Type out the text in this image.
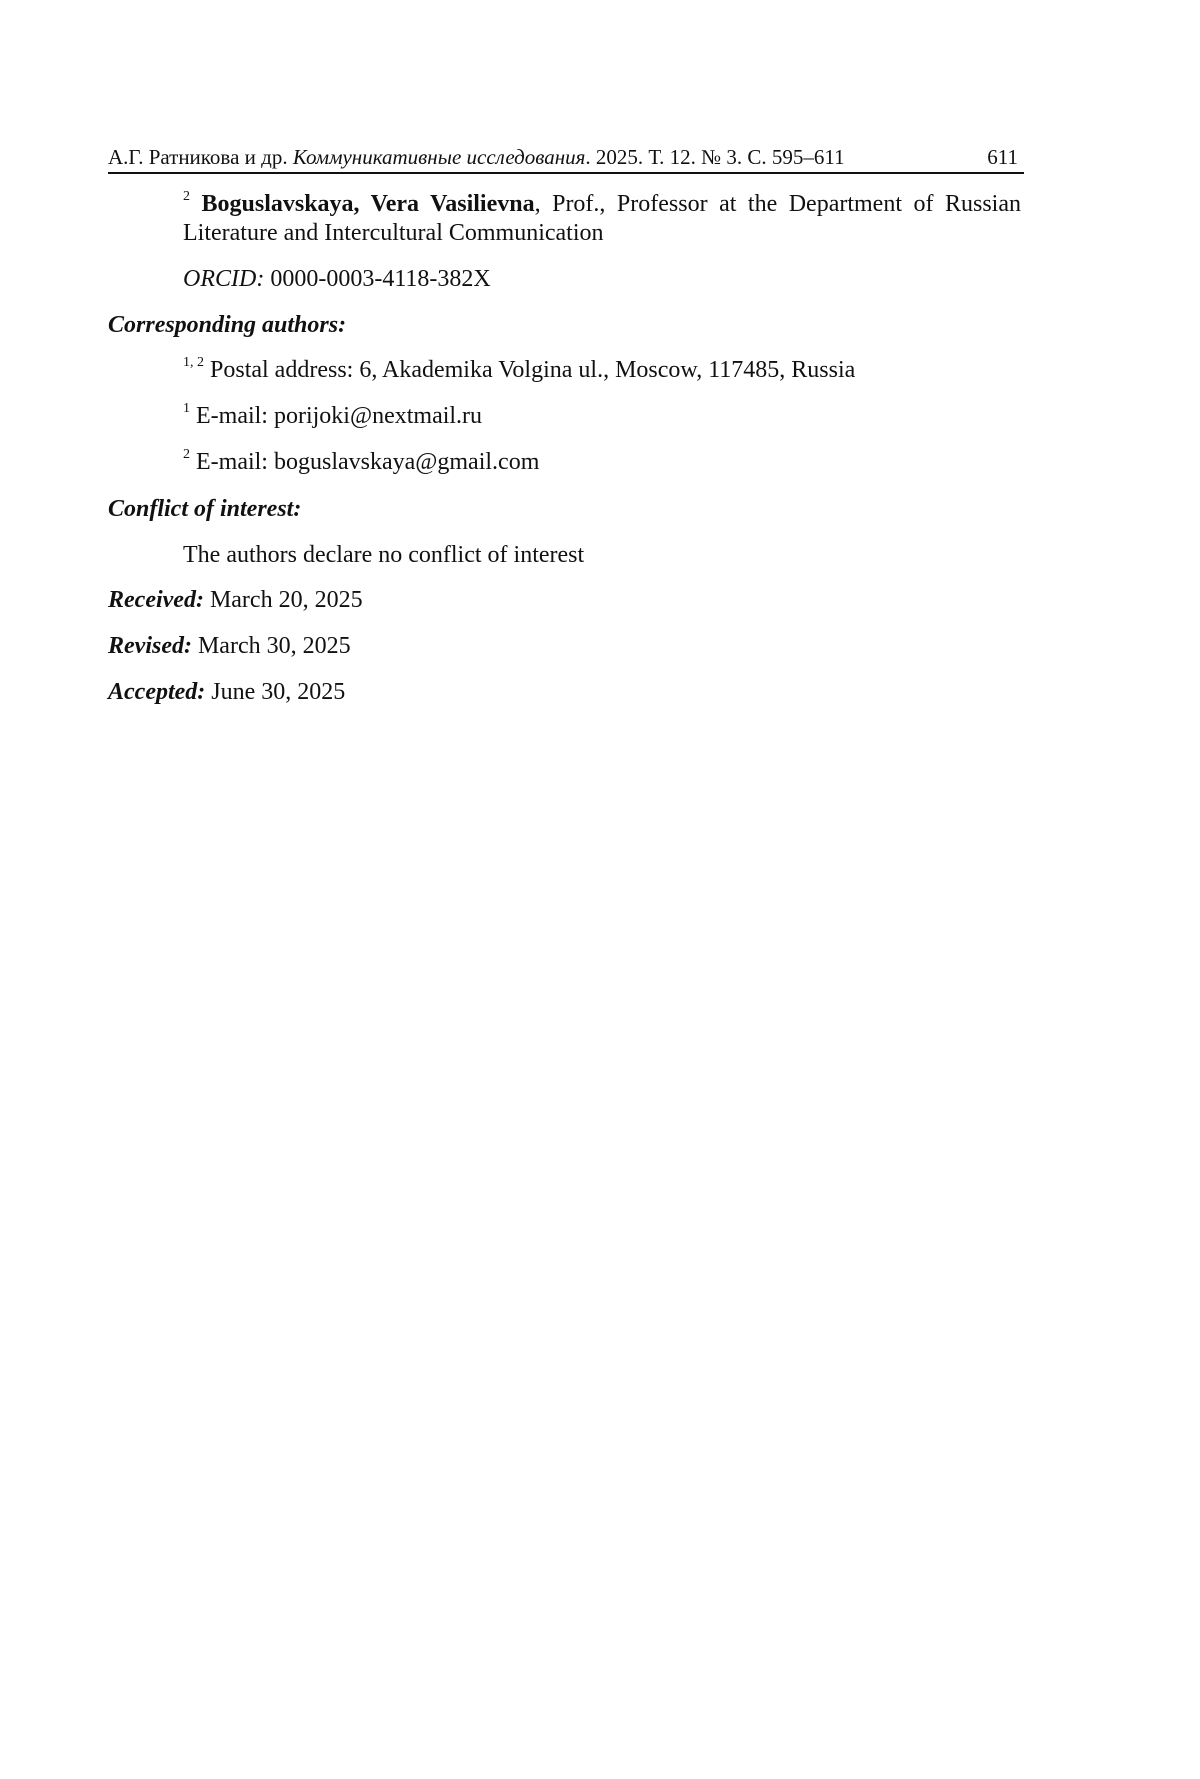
А.Г. Ратникова и др. Коммуникативные исследования. 2025. Т. 12. № 3. С. 595–611	611
$^2$ Boguslavskaya, Vera Vasilievna, Prof., Professor at the Department of Russian Literature and Intercultural Communication
ORCID: 0000-0003-4118-382X
Corresponding authors:
$^{1, 2}$ Postal address: 6, Akademika Volgina ul., Moscow, 117485, Russia
$^1$ E-mail: porijoki@nextmail.ru
$^2$ E-mail: boguslavskaya@gmail.com
Conflict of interest:
The authors declare no conflict of interest
Received: March 20, 2025
Revised: March 30, 2025
Accepted: June 30, 2025
